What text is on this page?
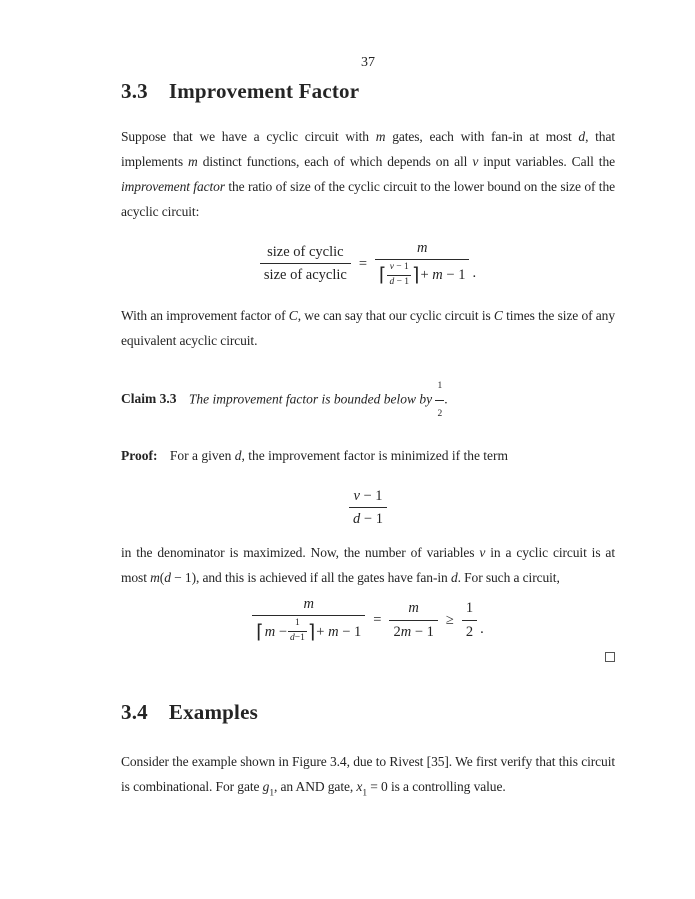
37
3.3 Improvement Factor

Suppose that we have a cyclic circuit with m gates, each with fan-in at most d, that implements m distinct functions, each of which depends on all v input variables. Call the improvement factor the ratio of size of the cyclic circuit to the lower bound on the size of the acyclic circuit:

$\frac{\text{size of cyclic}}{\text{size of acyclic}}$ =
m
⌈ $\frac{v - 1}{d - 1}$ ⌉ + m − 1 .

With an improvement factor of C, we can say that our cyclic circuit is C times the size of any equivalent acyclic circuit.

Claim 3.3 The improvement factor is bounded below by $\frac{1}{2}$ .

Proof: For a given d, the improvement factor is minimized if the term

$\frac{v - 1}{d - 1}$

in the denominator is maximized. Now, the number of variables v in a cyclic circuit is at most m(d − 1), and this is achieved if all the gates have fan-in d. For such a circuit,

m
⌈ $m - \frac{1}{d-1}$ ⌉ + m − 1
= $\frac{m}{2m - 1} \ge \frac{1}{2}$ .
3.4 Examples

Consider the example shown in Figure 3.4, due to Rivest [35]. We first verify that this circuit is combinational. For gate $g_1$, an AND gate, $x_1 = 0$ is a controlling value.
